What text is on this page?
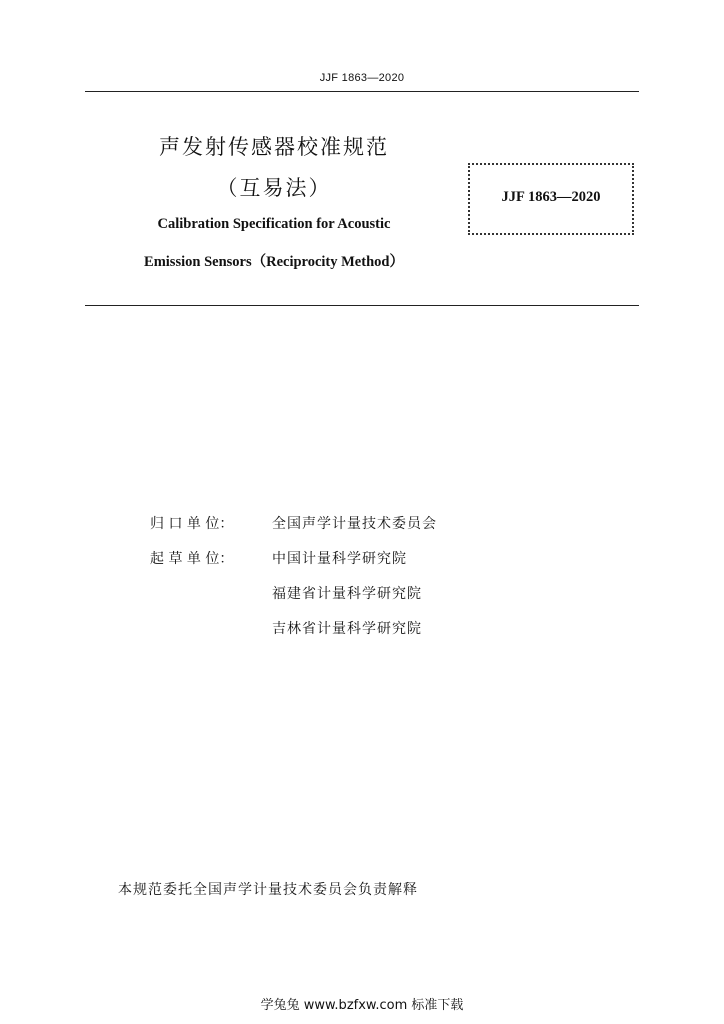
JJF 1863—2020
声发射传感器校准规范
（互易法）
Calibration Specification for Acoustic
Emission Sensors（Reciprocity Method）
JJF 1863—2020
归 口 单 位：	全国声学计量技术委员会
起 草 单 位：	中国计量科学研究院
福建省计量科学研究院
吉林省计量科学研究院
本规范委托全国声学计量技术委员会负责解释
学兔兔 www.bzfxw.com 标准下载
